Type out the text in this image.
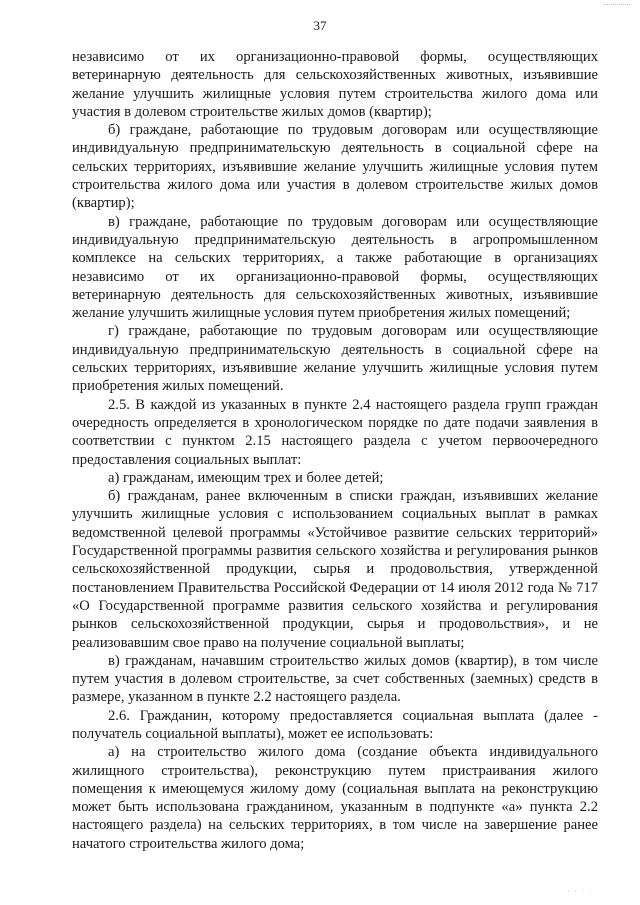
37

независимо от их организационно-правовой формы, осуществляющих ветеринарную деятельность для сельскохозяйственных животных, изъявившие желание улучшить жилищные условия путем строительства жилого дома или участия в долевом строительстве жилых домов (квартир);

б) граждане, работающие по трудовым договорам или осуществляющие индивидуальную предпринимательскую деятельность в социальной сфере на сельских территориях, изъявившие желание улучшить жилищные условия путем строительства жилого дома или участия в долевом строительстве жилых домов (квартир);

в) граждане, работающие по трудовым договорам или осуществляющие индивидуальную предпринимательскую деятельность в агропромышленном комплексе на сельских территориях, а также работающие в организациях независимо от их организационно-правовой формы, осуществляющих ветеринарную деятельность для сельскохозяйственных животных, изъявившие желание улучшить жилищные условия путем приобретения жилых помещений;

г) граждане, работающие по трудовым договорам или осуществляющие индивидуальную предпринимательскую деятельность в социальной сфере на сельских территориях, изъявившие желание улучшить жилищные условия путем приобретения жилых помещений.

2.5. В каждой из указанных в пункте 2.4 настоящего раздела групп граждан очередность определяется в хронологическом порядке по дате подачи заявления в соответствии с пунктом 2.15 настоящего раздела с учетом первоочередного предоставления социальных выплат:

а) гражданам, имеющим трех и более детей;

б) гражданам, ранее включенным в списки граждан, изъявивших желание улучшить жилищные условия с использованием социальных выплат в рамках ведомственной целевой программы «Устойчивое развитие сельских территорий» Государственной программы развития сельского хозяйства и регулирования рынков сельскохозяйственной продукции, сырья и продовольствия, утвержденной постановлением Правительства Российской Федерации от 14 июля 2012 года № 717 «О Государственной программе развития сельского хозяйства и регулирования рынков сельскохозяйственной продукции, сырья и продовольствия», и не реализовавшим свое право на получение социальной выплаты;

в) гражданам, начавшим строительство жилых домов (квартир), в том числе путем участия в долевом строительстве, за счет собственных (заемных) средств в размере, указанном в пункте 2.2 настоящего раздела.

2.6. Гражданин, которому предоставляется социальная выплата (далее - получатель социальной выплаты), может ее использовать:

а) на строительство жилого дома (создание объекта индивидуального жилищного строительства), реконструкцию путем пристраивания жилого помещения к имеющемуся жилому дому (социальная выплата на реконструкцию может быть использована гражданином, указанным в подпункте «а» пункта 2.2 настоящего раздела) на сельских территориях, в том числе на завершение ранее начатого строительства жилого дома;

· · · ·
